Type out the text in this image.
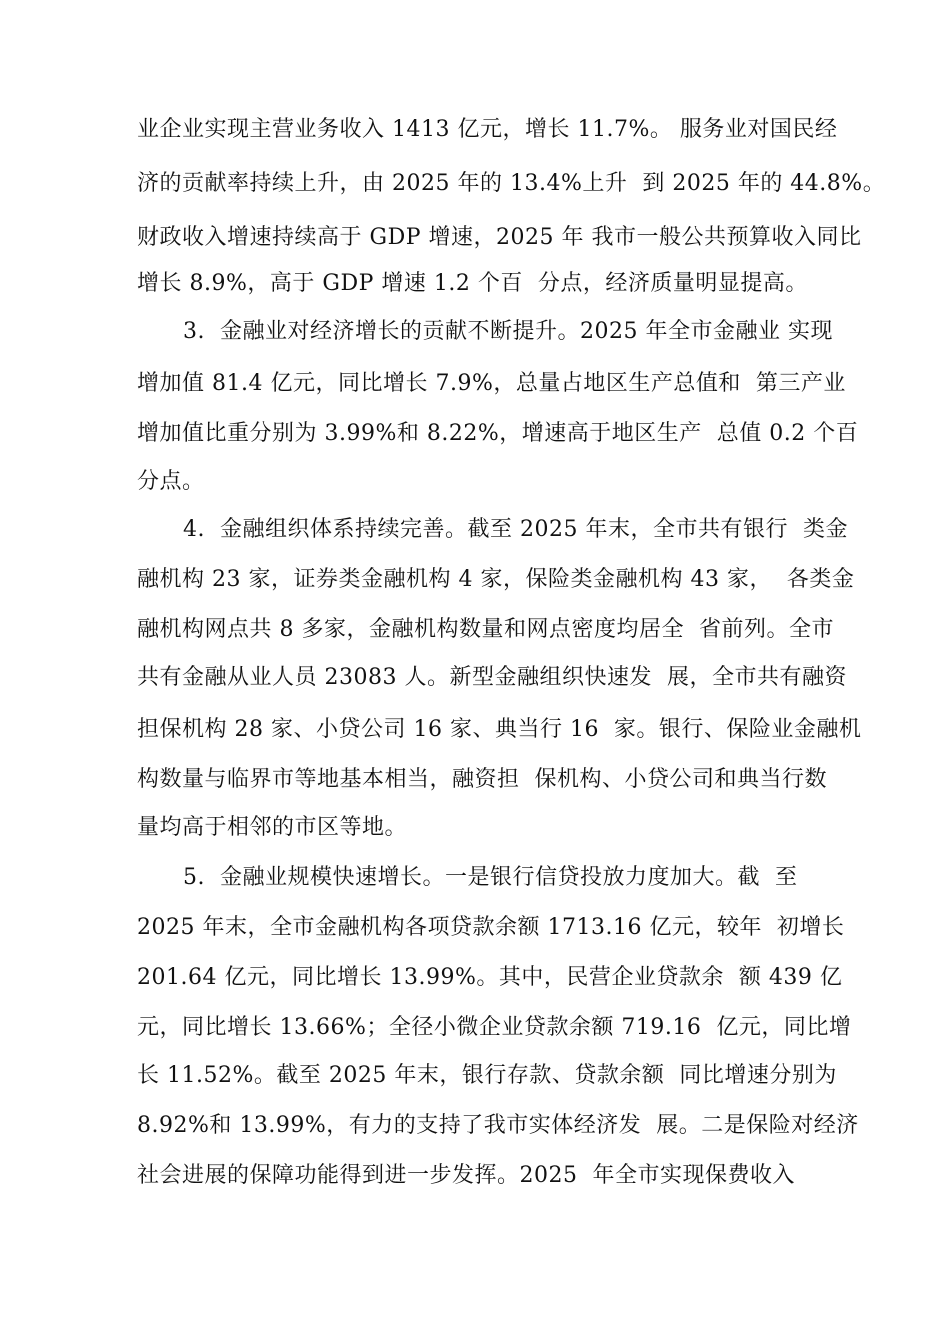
业企业实现主营业务收入 1413 亿元，增长 11.7%。 服务业对国民经
济的贡献率持续上升，由 2025 年的 13.4%上升  到 2025 年的 44.8%。
财政收入增速持续高于 GDP 增速，2025 年 我市一般公共预算收入同比
增长 8.9%，高于 GDP 增速 1.2 个百  分点，经济质量明显提高。
3.  金融业对经济增长的贡献不断提升。2025 年全市金融业 实现
增加值 81.4 亿元，同比增长 7.9%，总量占地区生产总值和  第三产业
增加值比重分别为 3.99%和 8.22%，增速高于地区生产  总值 0.2 个百
分点。
4.  金融组织体系持续完善。截至 2025 年末，全市共有银行  类金
融机构 23 家，证券类金融机构 4 家，保险类金融机构 43 家，  各类金
融机构网点共 8 多家，金融机构数量和网点密度均居全  省前列。全市
共有金融从业人员 23083 人。新型金融组织快速发  展，全市共有融资
担保机构 28 家、小贷公司 16 家、典当行 16  家。银行、保险业金融机
构数量与临界市等地基本相当，融资担  保机构、小贷公司和典当行数
量均高于相邻的市区等地。
5.  金融业规模快速增长。一是银行信贷投放力度加大。截  至
2025 年末，全市金融机构各项贷款余额 1713.16 亿元，较年  初增长
201.64 亿元，同比增长 13.99%。其中，民营企业贷款余  额 439 亿
元，同比增长 13.66%；全径小微企业贷款余额 719.16  亿元，同比增
长 11.52%。截至 2025 年末，银行存款、贷款余额  同比增速分别为
8.92%和 13.99%，有力的支持了我市实体经济发  展。二是保险对经济
社会进展的保障功能得到进一步发挥。2025  年全市实现保费收入
